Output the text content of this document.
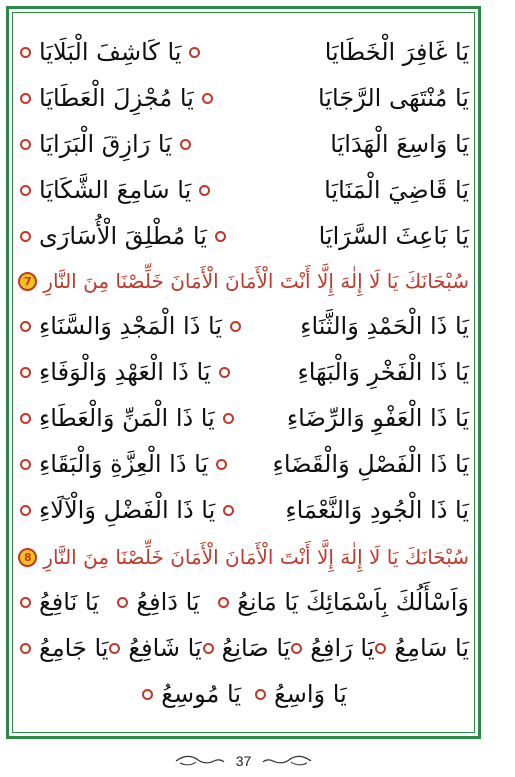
يَا غَافِرَ الْخَطَايَا
يَا كَاشِفَ الْبَلَايَا
يَا مُنْتَهَى الرَّجَايَا
يَا مُجْزِلَ الْعَطَايَا
يَا وَاسِعَ الْهَدَايَا
يَا رَازِقَ الْبَرَايَا
يَا قَاضِيَ الْمَنَايَا
يَا سَامِعَ الشَّكَايَا
يَا بَاعِثَ السَّرَايَا
يَا مُطْلِقَ الْأُسَارَى
سُبْحَانَكَ يَا لَا إِلٰهَ إِلَّا أَنْتَ الْأَمَانَ الْأَمَانَ خَلِّصْنَا مِنَ النَّارِ
7
يَا ذَا الْحَمْدِ وَالثَّنَاءِ
يَا ذَا الْمَجْدِ وَالسَّنَاءِ
يَا ذَا الْفَخْرِ وَالْبَهَاءِ
يَا ذَا الْعَهْدِ وَالْوَفَاءِ
يَا ذَا الْعَفْوِ وَالرِّضَاءِ
يَا ذَا الْمَنِّ وَالْعَطَاءِ
يَا ذَا الْفَصْلِ وَالْقَضَاءِ
يَا ذَا الْعِزَّةِ وَالْبَقَاءِ
يَا ذَا الْجُودِ وَالنَّعْمَاءِ
يَا ذَا الْفَضْلِ وَالْآلَاءِ
سُبْحَانَكَ يَا لَا إِلٰهَ إِلَّا أَنْتَ الْأَمَانَ الْأَمَانَ خَلِّصْنَا مِنَ النَّارِ
8
وَاَسْأَلُكَ بِاَسْمَائِكَ يَا مَانِعُ
يَا دَافِعُ
يَا نَافِعُ
يَا سَامِعُ
يَا رَافِعُ
يَا صَانِعُ
يَا شَافِعُ
يَا جَامِعُ
يَا وَاسِعُ
يَا مُوسِعُ
37
